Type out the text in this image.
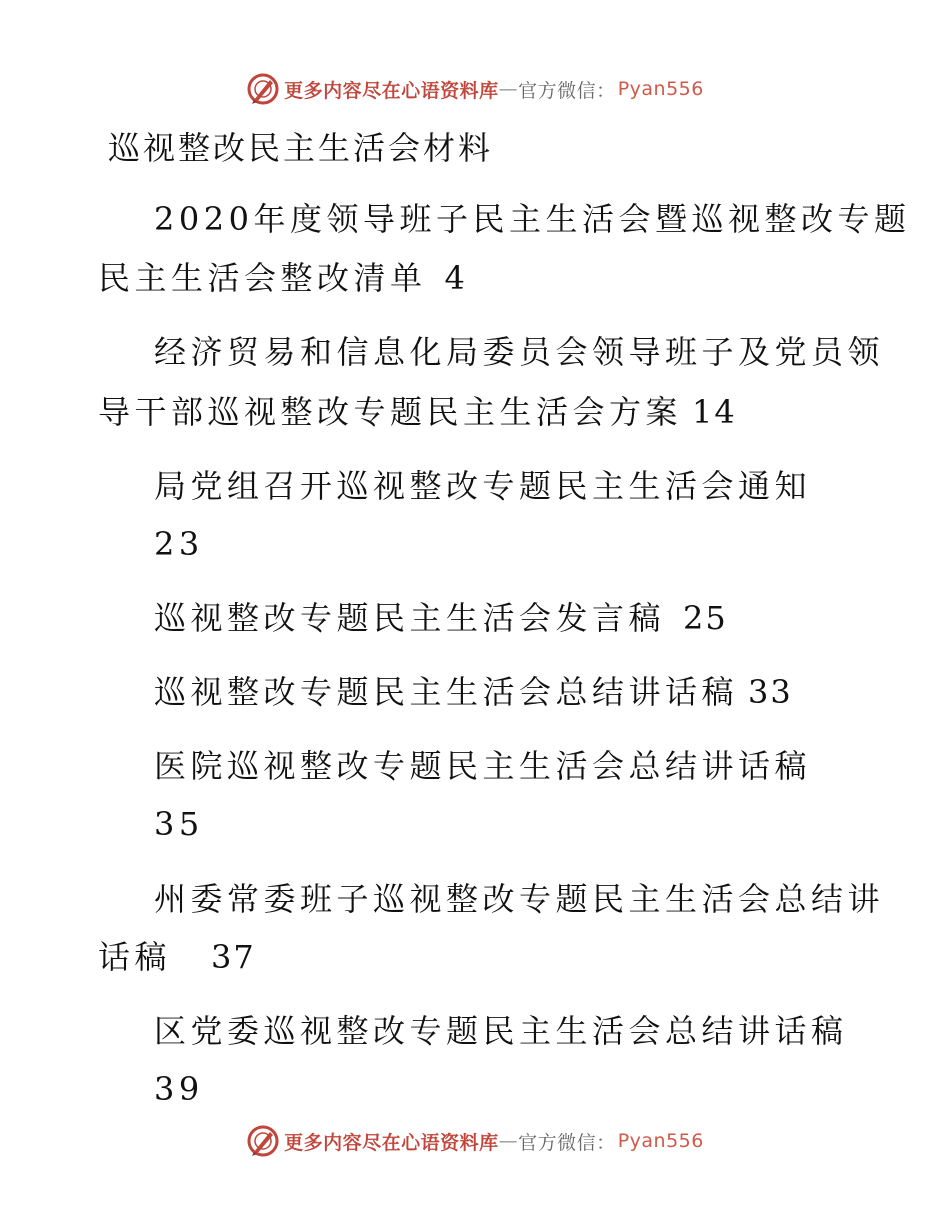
更多内容尽在心语资料库 — 官方微信： Pyan556
巡视整改民主生活会材料
2020年度领导班子民主生活会暨巡视整改专题
民主生活会整改清单 4
经济贸易和信息化局委员会领导班子及党员领
导干部巡视整改专题民主生活会方案 14
局党组召开巡视整改专题民主生活会通知
23
巡视整改专题民主生活会发言稿 25
巡视整改专题民主生活会总结讲话稿 33
医院巡视整改专题民主生活会总结讲话稿
35
州委常委班子巡视整改专题民主生活会总结讲
话稿 37
区党委巡视整改专题民主生活会总结讲话稿
39
更多内容尽在心语资料库 — 官方微信： Pyan556
